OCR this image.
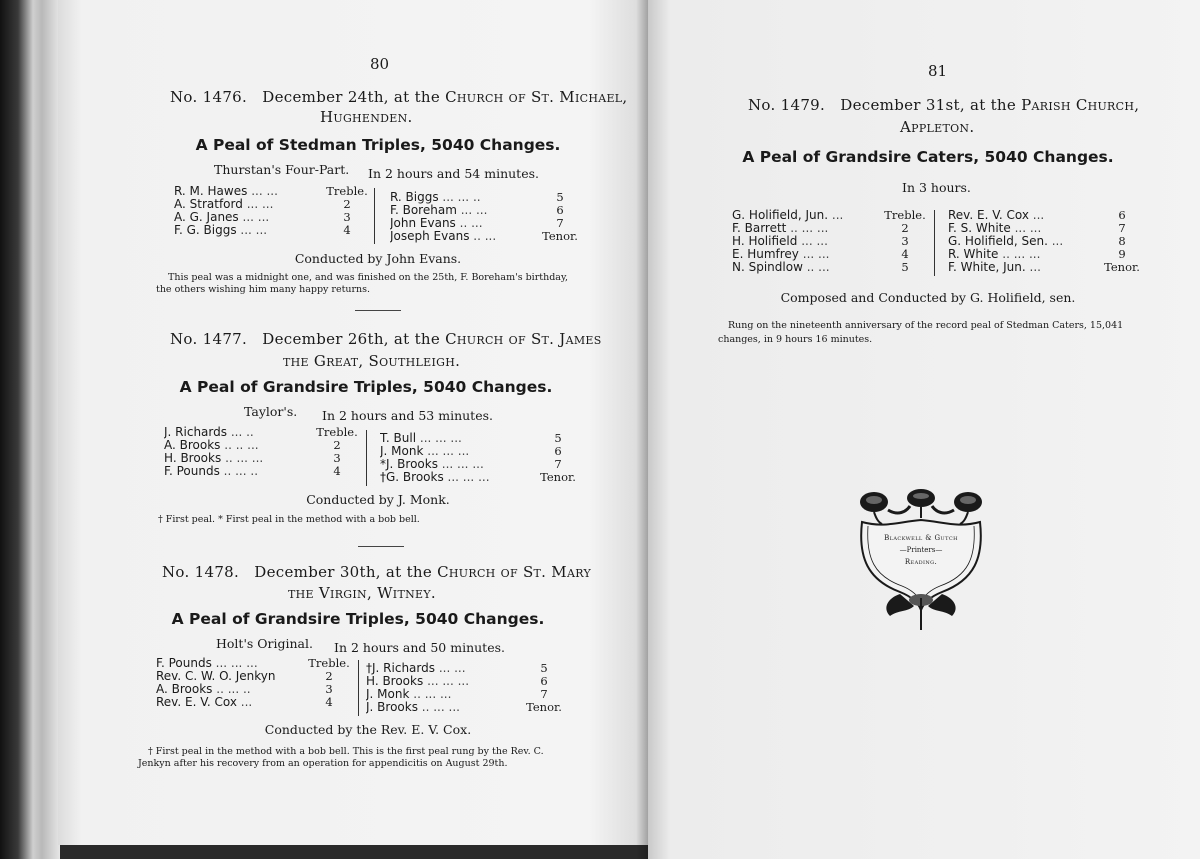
80
No. 1476. December 24th, at the Church of St. Michael,
Hughenden.
A Peal of Stedman Triples, 5040 Changes.
Thurstan's Four-Part. In 2 hours and 54 minutes.
R. M. Hawes ... ...	Treble.
A. Stratford ... ...	2
A. G. Janes ... ...	3
F. G. Biggs ... ...	4
R. Biggs ... ... ..	5
F. Boreham ... ...	6
John Evans .. ...	7
Joseph Evans .. ...	Tenor.
Conducted by John Evans.
This peal was a midnight one, and was finished on the 25th, F. Boreham's birthday,
the others wishing him many happy returns.
No. 1477. December 26th, at the Church of St. James
the Great, Southleigh.
A Peal of Grandsire Triples, 5040 Changes.
Taylor's. In 2 hours and 53 minutes.
J. Richards ... ..	Treble.
A. Brooks .. .. ...	2
H. Brooks .. ... ...	3
F. Pounds .. ... ..	4
T. Bull ... ... ...	5
J. Monk ... ... ...	6
*J. Brooks ... ... ...	7
†G. Brooks ... ... ...	Tenor.
Conducted by J. Monk.
† First peal. * First peal in the method with a bob bell.
No. 1478. December 30th, at the Church of St. Mary
the Virgin, Witney.
A Peal of Grandsire Triples, 5040 Changes.
Holt's Original. In 2 hours and 50 minutes.
F. Pounds ... ... ...	Treble.
Rev. C. W. O. Jenkyn	2
A. Brooks .. ... ..	3
Rev. E. V. Cox ...	4
†J. Richards ... ...	5
H. Brooks ... ... ...	6
J. Monk .. ... ...	7
J. Brooks .. ... ...	Tenor.
Conducted by the Rev. E. V. Cox.
† First peal in the method with a bob bell. This is the first peal rung by the Rev. C.
Jenkyn after his recovery from an operation for appendicitis on August 29th.
81
No. 1479. December 31st, at the Parish Church,
Appleton.
A Peal of Grandsire Caters, 5040 Changes.
In 3 hours.
G. Holifield, Jun. ...	Treble.
F. Barrett .. ... ...	2
H. Holifield ... ...	3
E. Humfrey ... ...	4
N. Spindlow .. ...	5
Rev. E. V. Cox ...	6
F. S. White ... ...	7
G. Holifield, Sen. ...	8
R. White .. ... ...	9
F. White, Jun. ...	Tenor.
Composed and Conducted by G. Holifield, sen.
Rung on the nineteenth anniversary of the record peal of Stedman Caters, 15,041
changes, in 9 hours 16 minutes.
Blackwell & Gutch
—Printers—
Reading.
